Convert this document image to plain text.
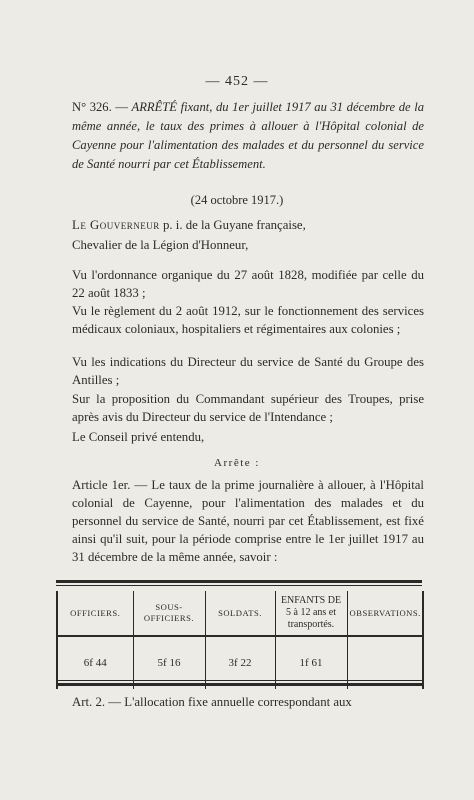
— 452 —
N° 326. — ARRÊTÉ fixant, du 1er juillet 1917 au 31 décembre de la même année, le taux des primes à allouer à l'Hôpital colonial de Cayenne pour l'alimentation des malades et du personnel du service de Santé nourri par cet Établissement.
(24 octobre 1917.)
Le Gouverneur p. i. de la Guyane française,
Chevalier de la Légion d'Honneur,
Vu l'ordonnance organique du 27 août 1828, modifiée par celle du 22 août 1833 ;
Vu le règlement du 2 août 1912, sur le fonctionnement des services médicaux coloniaux, hospitaliers et régimentaires aux colonies ;
Vu les indications du Directeur du service de Santé du Groupe des Antilles ;
Sur la proposition du Commandant supérieur des Troupes, prise après avis du Directeur du service de l'Intendance ;
Le Conseil privé entendu,
Arrête :
Article 1er. — Le taux de la prime journalière à allouer, à l'Hôpital colonial de Cayenne, pour l'alimentation des malades et du personnel du service de Santé, nourri par cet Établissement, est fixé ainsi qu'il suit, pour la période comprise entre le 1er juillet 1917 au 31 décembre de la même année, savoir :
OFFICIERS.	SOUS-OFFICIERS.	SOLDATS.	ENFANTS DE 5 à 12 ans et transportés.	OBSERVATIONS.
6f 44	5f 16	3f 22	1f 61	
Art. 2. — L'allocation fixe annuelle correspondant aux
